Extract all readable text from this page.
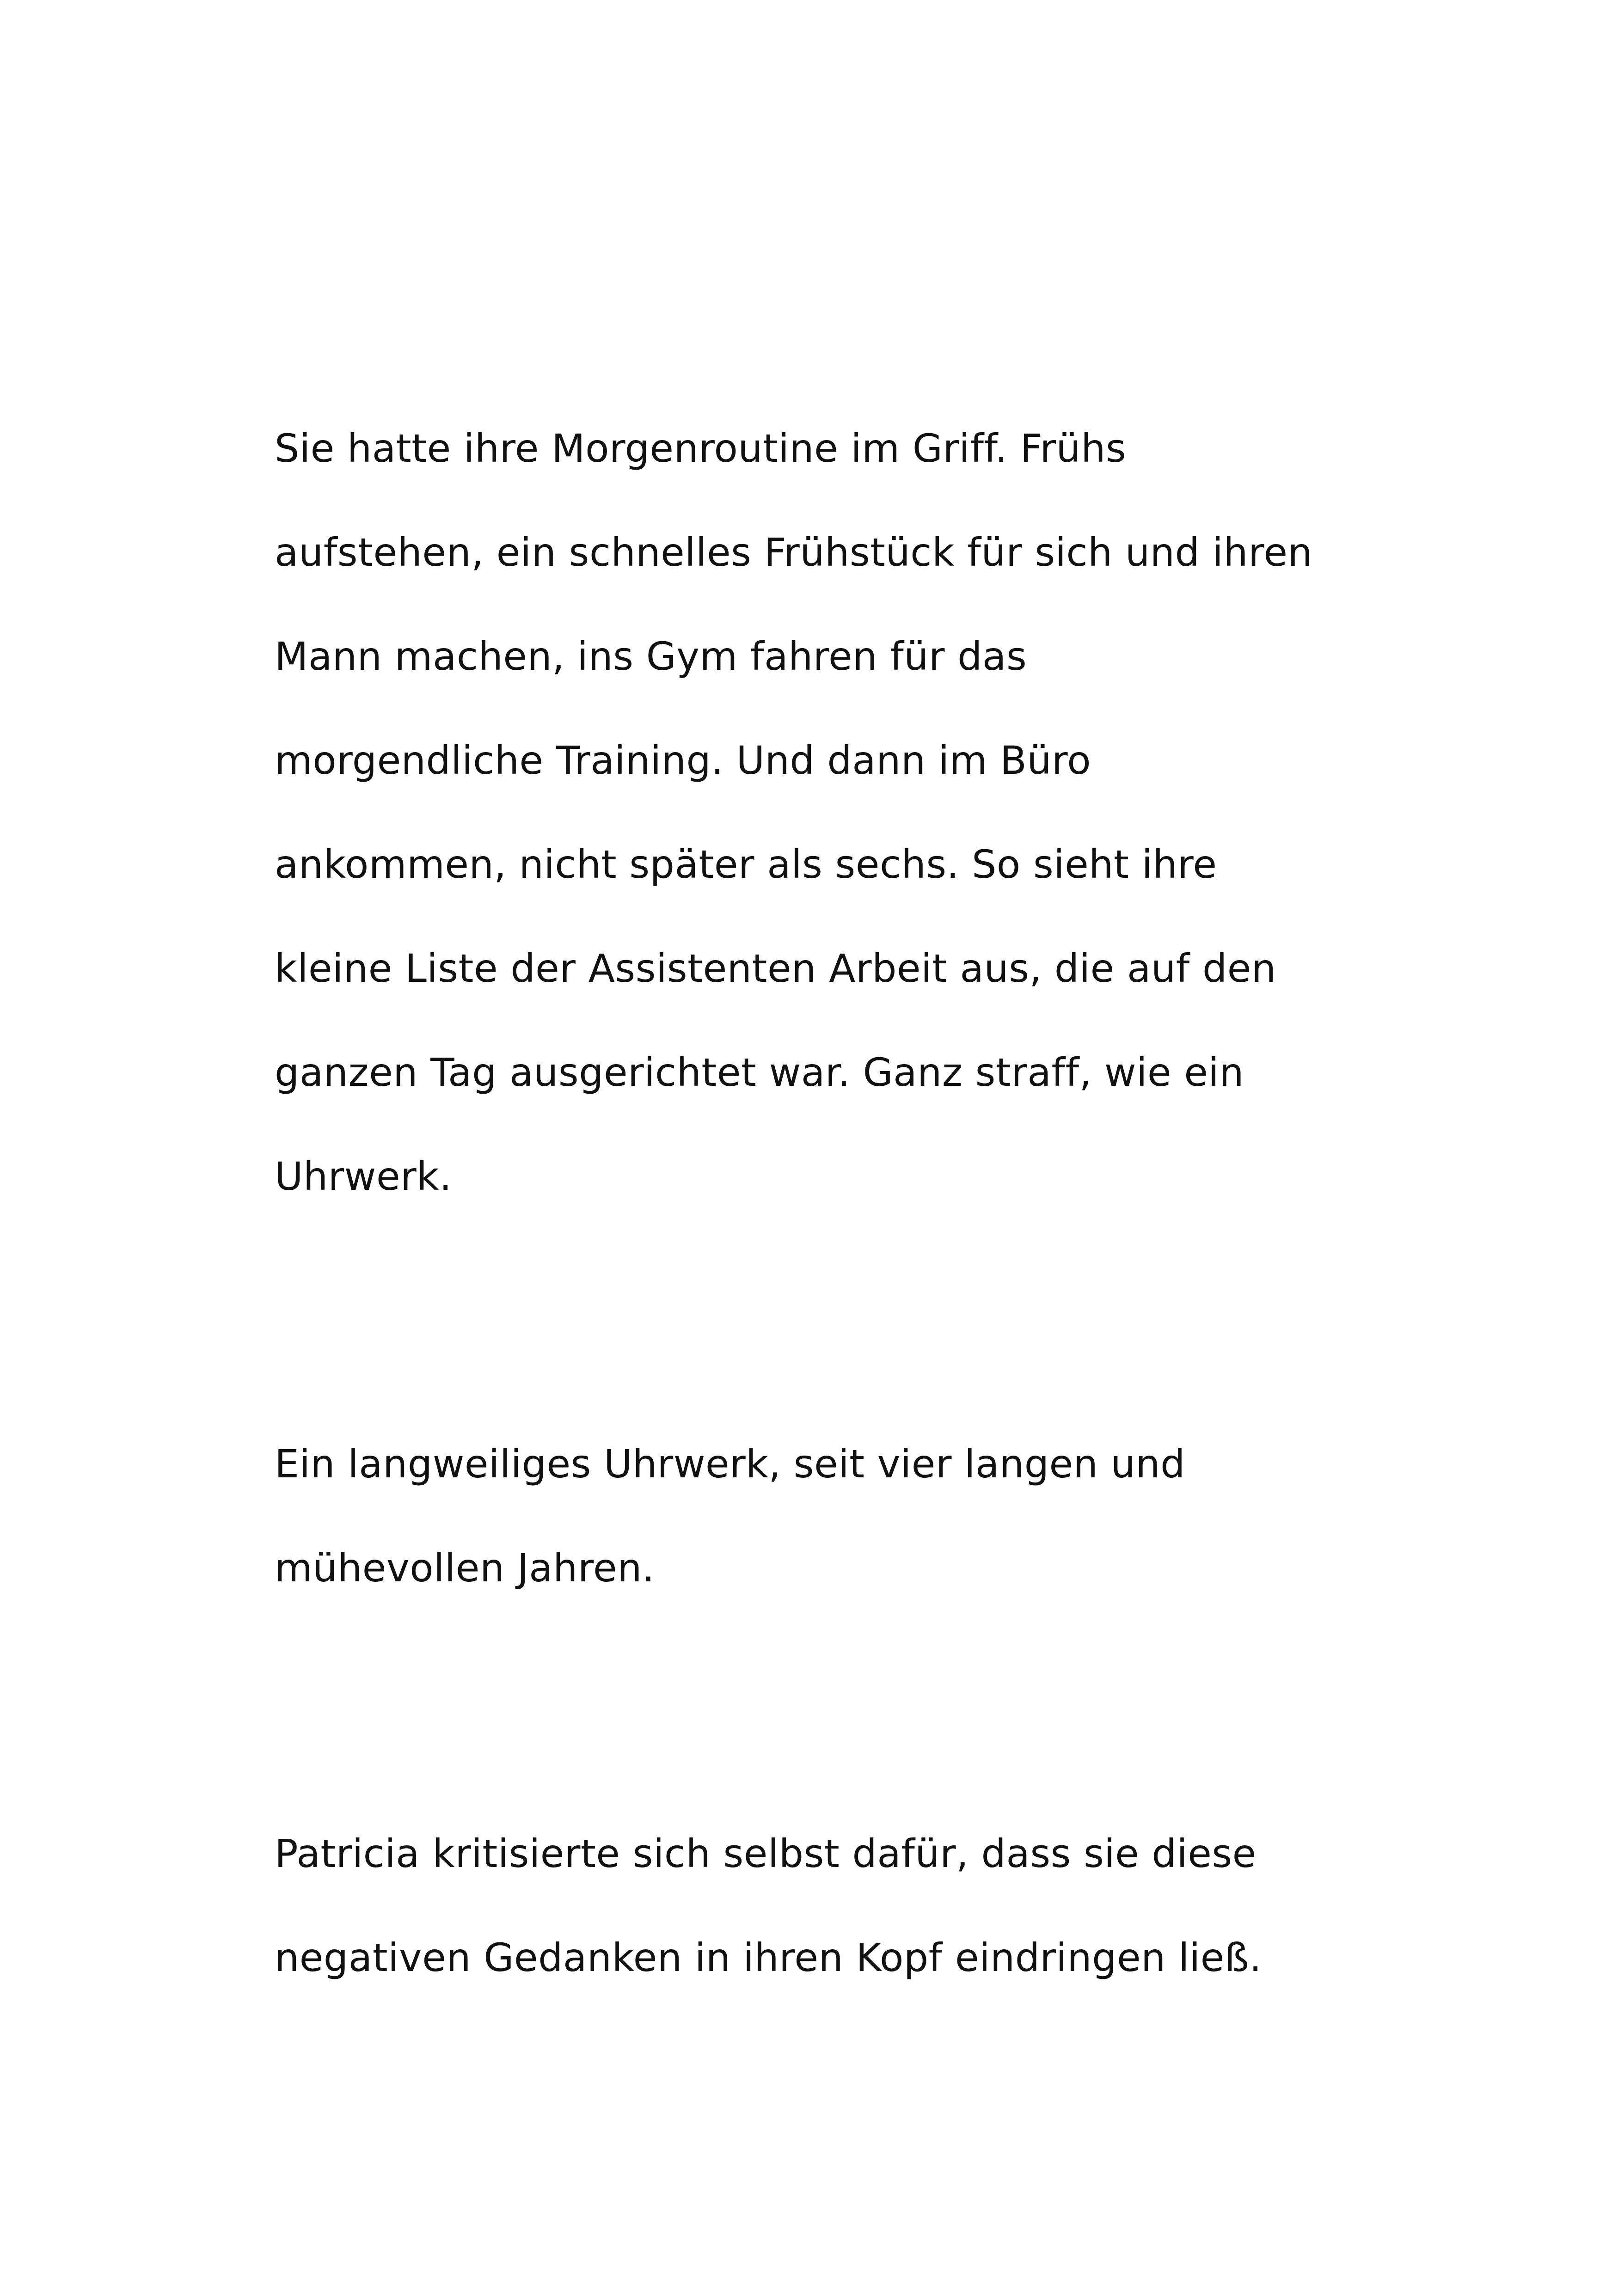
Sie hatte ihre Morgenroutine im Griff. Frühs
aufstehen, ein schnelles Frühstück für sich und ihren
Mann machen, ins Gym fahren für das
morgendliche Training. Und dann im Büro
ankommen, nicht später als sechs. So sieht ihre
kleine Liste der Assistenten Arbeit aus, die auf den
ganzen Tag ausgerichtet war. Ganz straff, wie ein
Uhrwerk.
Ein langweiliges Uhrwerk, seit vier langen und
mühevollen Jahren.
Patricia kritisierte sich selbst dafür, dass sie diese
negativen Gedanken in ihren Kopf eindringen ließ.
